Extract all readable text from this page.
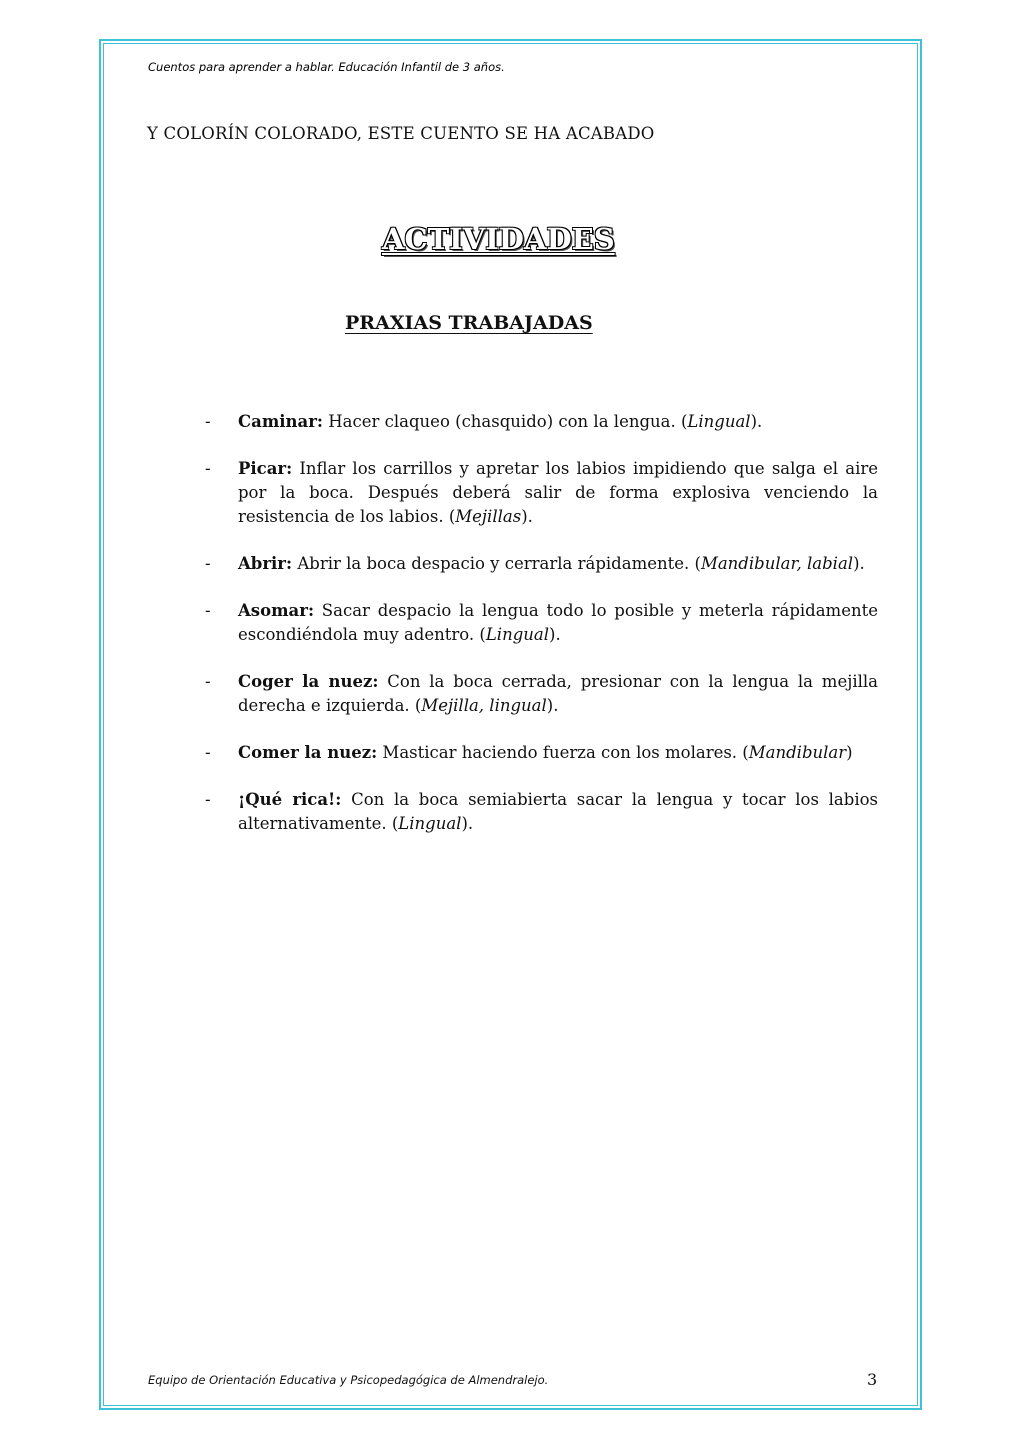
Cuentos para aprender a hablar. Educación Infantil de 3 años.
Y COLORÍN COLORADO, ESTE CUENTO SE HA ACABADO
ACTIVIDADES
PRAXIAS TRABAJADAS
- Caminar: Hacer claqueo (chasquido) con la lengua. (Lingual).
- Picar: Inflar los carrillos y apretar los labios impidiendo que salga el aire por la boca. Después deberá salir de forma explosiva venciendo la resistencia de los labios. (Mejillas).
- Abrir: Abrir la boca despacio y cerrarla rápidamente. (Mandibular, labial).
- Asomar: Sacar despacio la lengua todo lo posible y meterla rápidamente escondiéndola muy adentro. (Lingual).
- Coger la nuez: Con la boca cerrada, presionar con la lengua la mejilla derecha e izquierda. (Mejilla, lingual).
- Comer la nuez: Masticar haciendo fuerza con los molares. (Mandibular)
- ¡Qué rica!: Con la boca semiabierta sacar la lengua y tocar los labios alternativamente. (Lingual).
Equipo de Orientación Educativa y Psicopedagógica de Almendralejo.	3
